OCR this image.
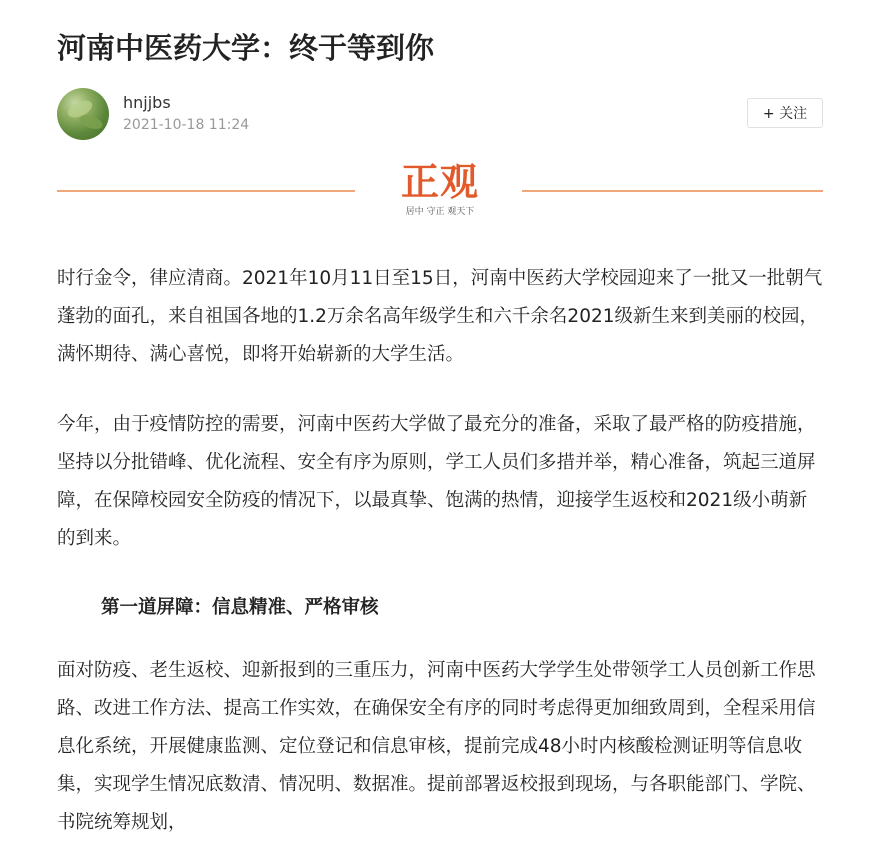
河南中医药大学：终于等到你
hnjjbs
2021-10-18 11:24
+ 关注
正观
居中 守正 观天下

时行金令，律应清商。2021年10月11日至15日，河南中医药大学校园迎来了一批又一批朝气蓬勃的面孔，来自祖国各地的1.2万余名高年级学生和六千余名2021级新生来到美丽的校园，满怀期待、满心喜悦，即将开始崭新的大学生活。

今年，由于疫情防控的需要，河南中医药大学做了最充分的准备，采取了最严格的防疫措施，坚持以分批错峰、优化流程、安全有序为原则，学工人员们多措并举，精心准备，筑起三道屏障，在保障校园安全防疫的情况下，以最真挚、饱满的热情，迎接学生返校和2021级小萌新的到来。

第一道屏障：信息精准、严格审核

面对防疫、老生返校、迎新报到的三重压力，河南中医药大学学生处带领学工人员创新工作思路、改进工作方法、提高工作实效，在确保安全有序的同时考虑得更加细致周到，全程采用信息化系统，开展健康监测、定位登记和信息审核，提前完成48小时内核酸检测证明等信息收集，实现学生情况底数清、情况明、数据准。提前部署返校报到现场，与各职能部门、学院、书院统筹规划，
